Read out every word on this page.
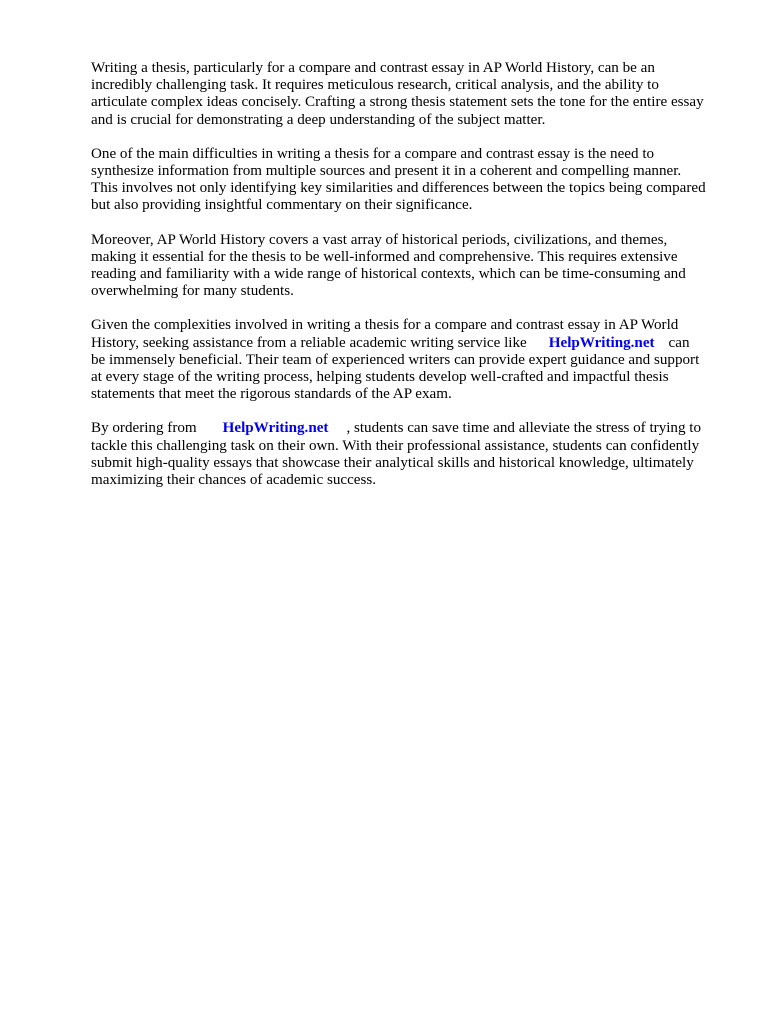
Writing a thesis, particularly for a compare and contrast essay in AP World History, can be an
incredibly challenging task. It requires meticulous research, critical analysis, and the ability to
articulate complex ideas concisely. Crafting a strong thesis statement sets the tone for the entire essay
and is crucial for demonstrating a deep understanding of the subject matter.

One of the main difficulties in writing a thesis for a compare and contrast essay is the need to
synthesize information from multiple sources and present it in a coherent and compelling manner.
This involves not only identifying key similarities and differences between the topics being compared
but also providing insightful commentary on their significance.

Moreover, AP World History covers a vast array of historical periods, civilizations, and themes,
making it essential for the thesis to be well-informed and comprehensive. This requires extensive
reading and familiarity with a wide range of historical contexts, which can be time-consuming and
overwhelming for many students.

Given the complexities involved in writing a thesis for a compare and contrast essay in AP World
History, seeking assistance from a reliable academic writing service like HelpWriting.net can
be immensely beneficial. Their team of experienced writers can provide expert guidance and support
at every stage of the writing process, helping students develop well-crafted and impactful thesis
statements that meet the rigorous standards of the AP exam.

By ordering from HelpWriting.net , students can save time and alleviate the stress of trying to
tackle this challenging task on their own. With their professional assistance, students can confidently
submit high-quality essays that showcase their analytical skills and historical knowledge, ultimately
maximizing their chances of academic success.
